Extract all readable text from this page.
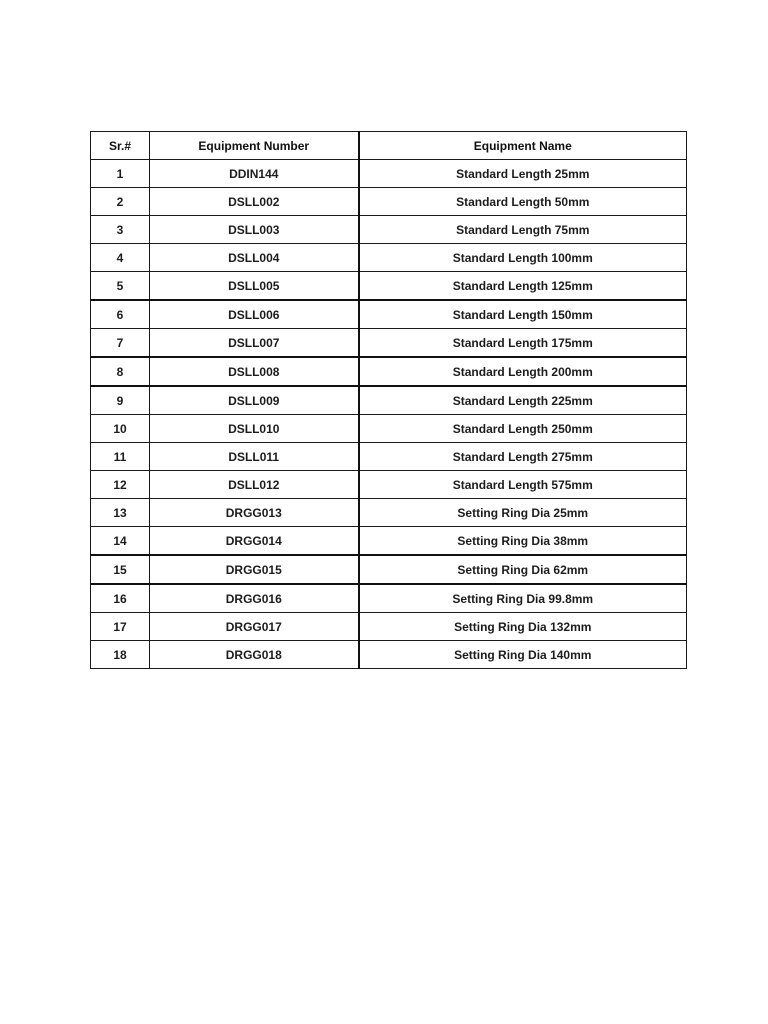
Sr.#	Equipment Number	Equipment Name
1	DDIN144	Standard Length 25mm
2	DSLL002	Standard Length 50mm
3	DSLL003	Standard Length 75mm
4	DSLL004	Standard Length 100mm
5	DSLL005	Standard Length 125mm
6	DSLL006	Standard Length 150mm
7	DSLL007	Standard Length 175mm
8	DSLL008	Standard Length 200mm
9	DSLL009	Standard Length 225mm
10	DSLL010	Standard Length 250mm
11	DSLL011	Standard Length 275mm
12	DSLL012	Standard Length 575mm
13	DRGG013	Setting Ring Dia 25mm
14	DRGG014	Setting Ring Dia 38mm
15	DRGG015	Setting Ring Dia 62mm
16	DRGG016	Setting Ring Dia 99.8mm
17	DRGG017	Setting Ring Dia 132mm
18	DRGG018	Setting Ring Dia 140mm
